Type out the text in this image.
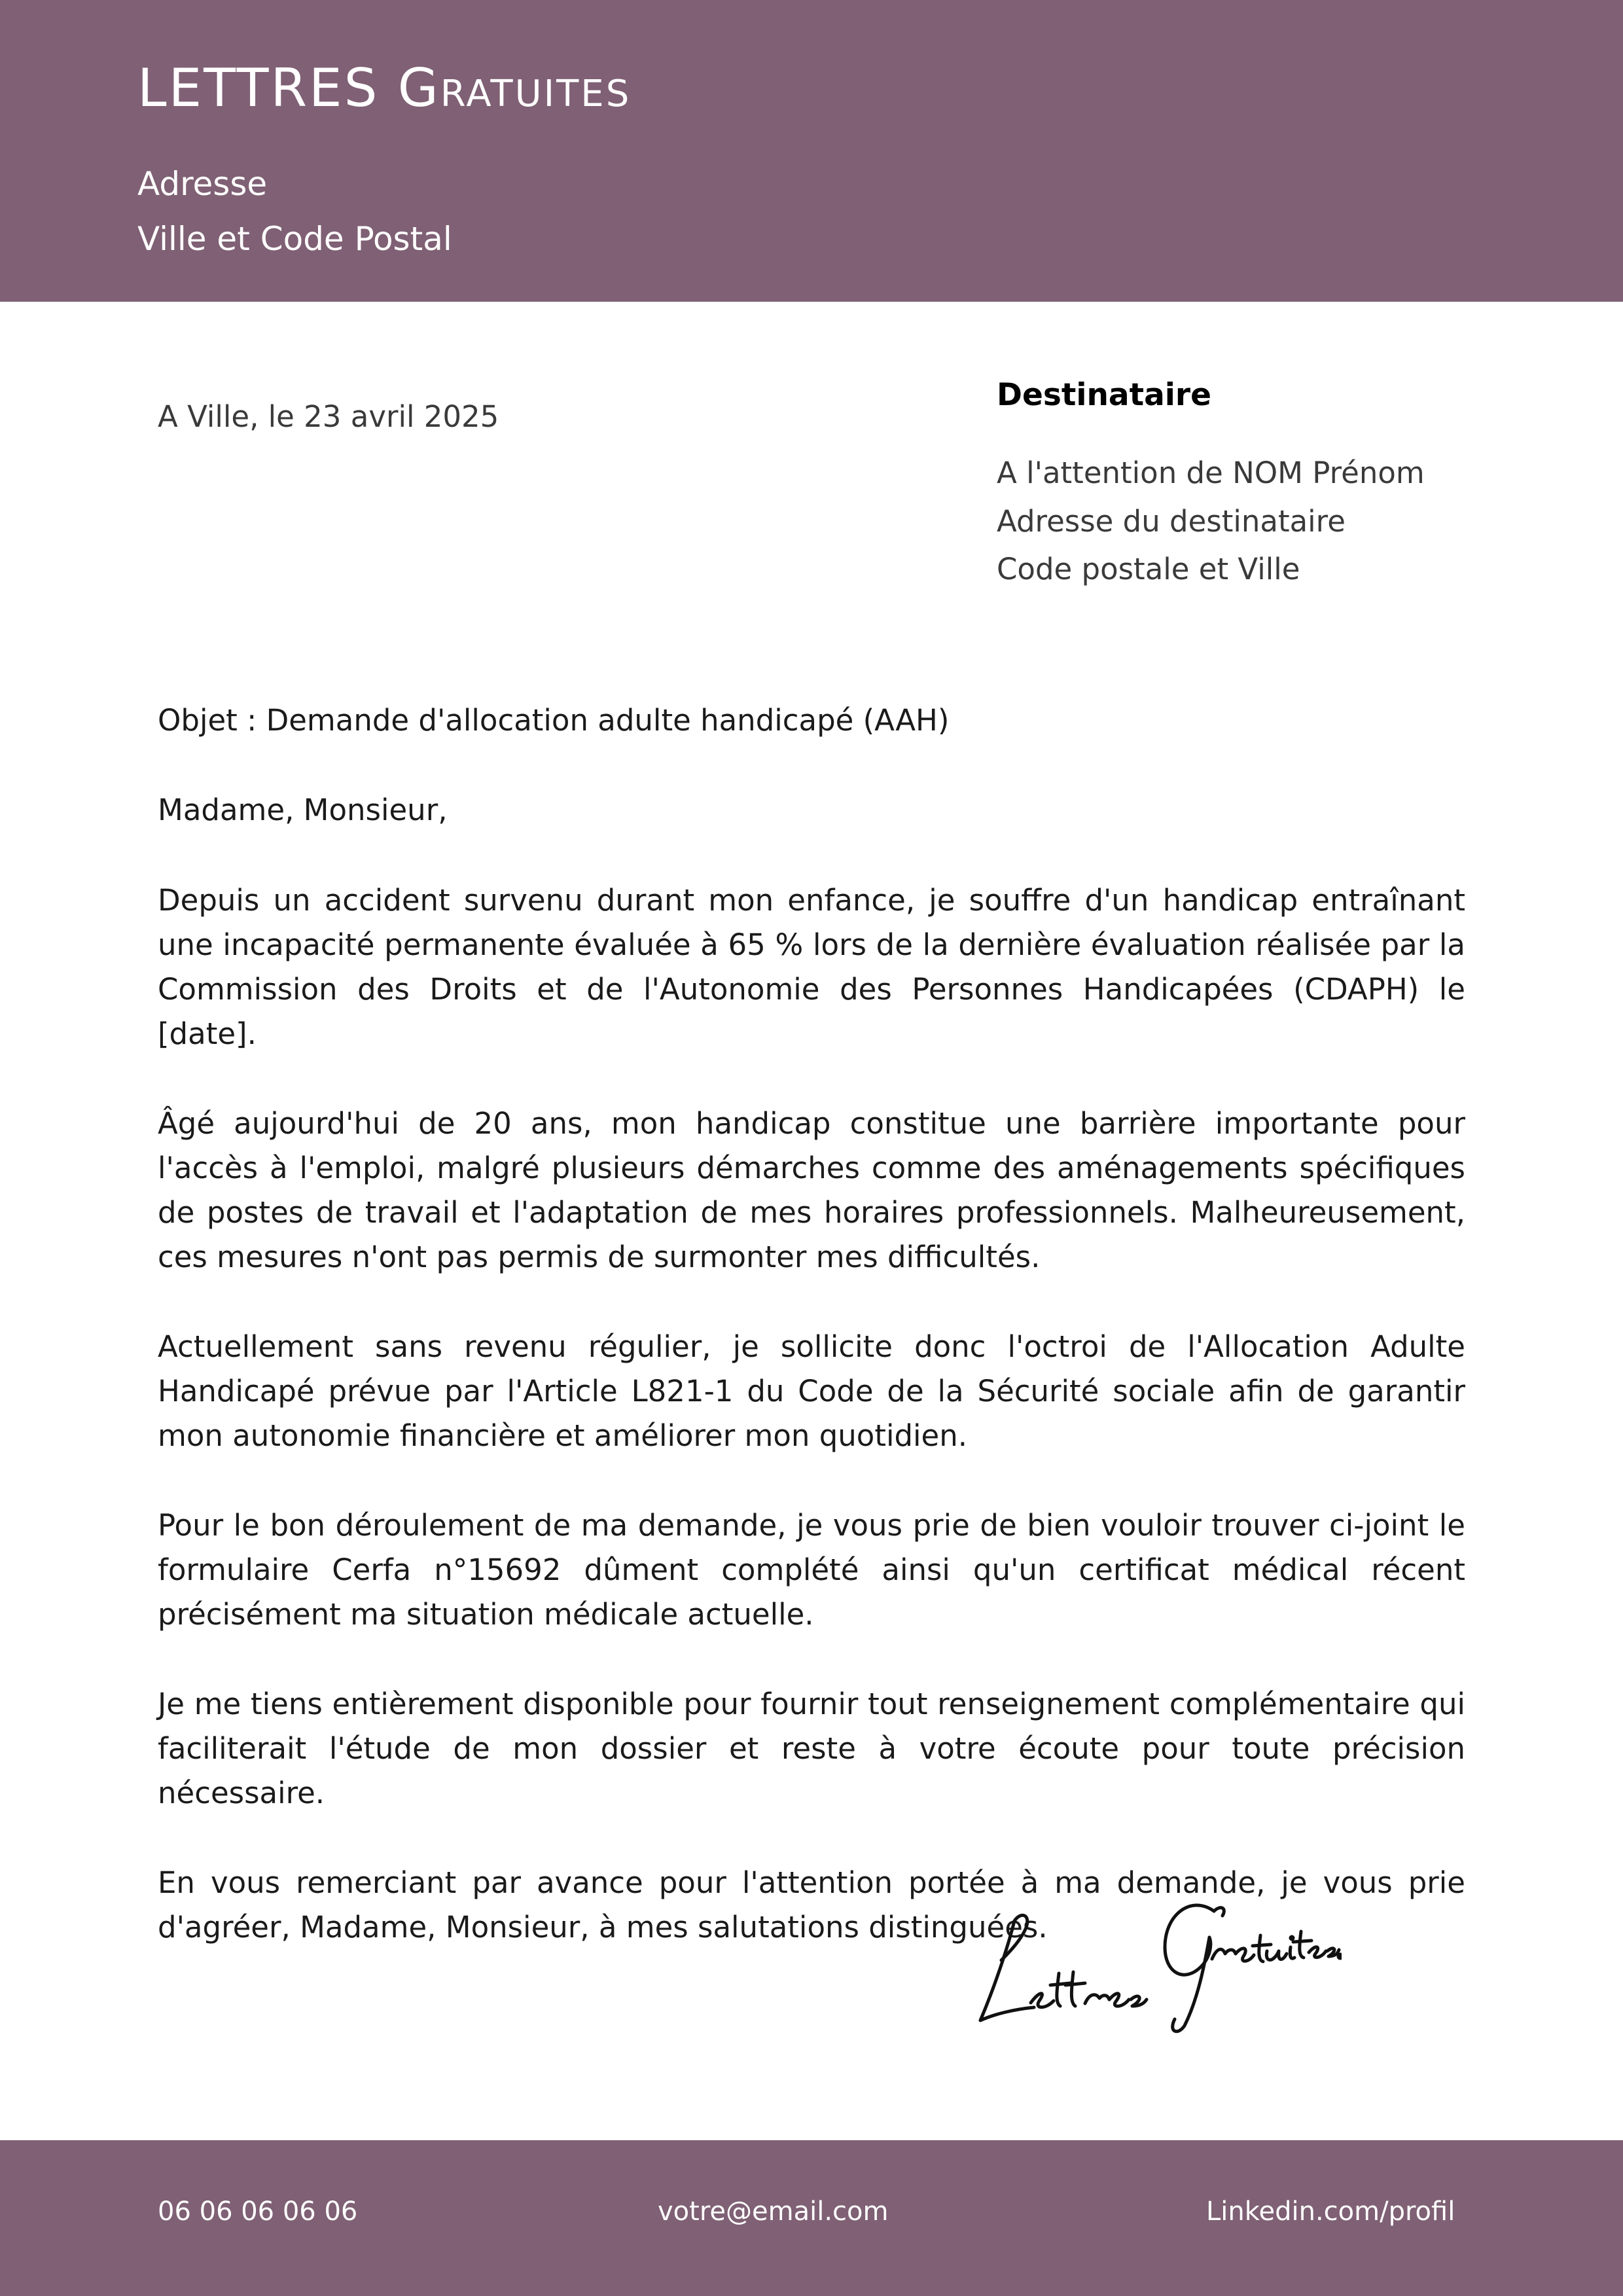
LETTRES Gratuites
Adresse
Ville et Code Postal
A Ville, le 23 avril 2025
Destinataire
A l'attention de NOM Prénom
Adresse du destinataire
Code postale et Ville
Objet : Demande d'allocation adulte handicapé (AAH)
Madame, Monsieur,

Depuis un accident survenu durant mon enfance, je souffre d'un handicap entraînant une incapacité permanente évaluée à 65 % lors de la dernière évaluation réalisée par la Commission des Droits et de l'Autonomie des Personnes Handicapées (CDAPH) le [date].

Âgé aujourd'hui de 20 ans, mon handicap constitue une barrière importante pour l'accès à l'emploi, malgré plusieurs démarches comme des aménagements spécifiques de postes de travail et l'adaptation de mes horaires professionnels. Malheureusement, ces mesures n'ont pas permis de surmonter mes difficultés.

Actuellement sans revenu régulier, je sollicite donc l'octroi de l'Allocation Adulte Handicapé prévue par l'Article L821-1 du Code de la Sécurité sociale afin de garantir mon autonomie financière et améliorer mon quotidien.

Pour le bon déroulement de ma demande, je vous prie de bien vouloir trouver ci-joint le formulaire Cerfa n°15692 dûment complété ainsi qu'un certificat médical récent précisément ma situation médicale actuelle.

Je me tiens entièrement disponible pour fournir tout renseignement complémentaire qui faciliterait l'étude de mon dossier et reste à votre écoute pour toute précision nécessaire.

En vous remerciant par avance pour l'attention portée à ma demande, je vous prie d'agréer, Madame, Monsieur, à mes salutations distinguées.

06 06 06 06 06	votre@email.com	Linkedin.com/profil
